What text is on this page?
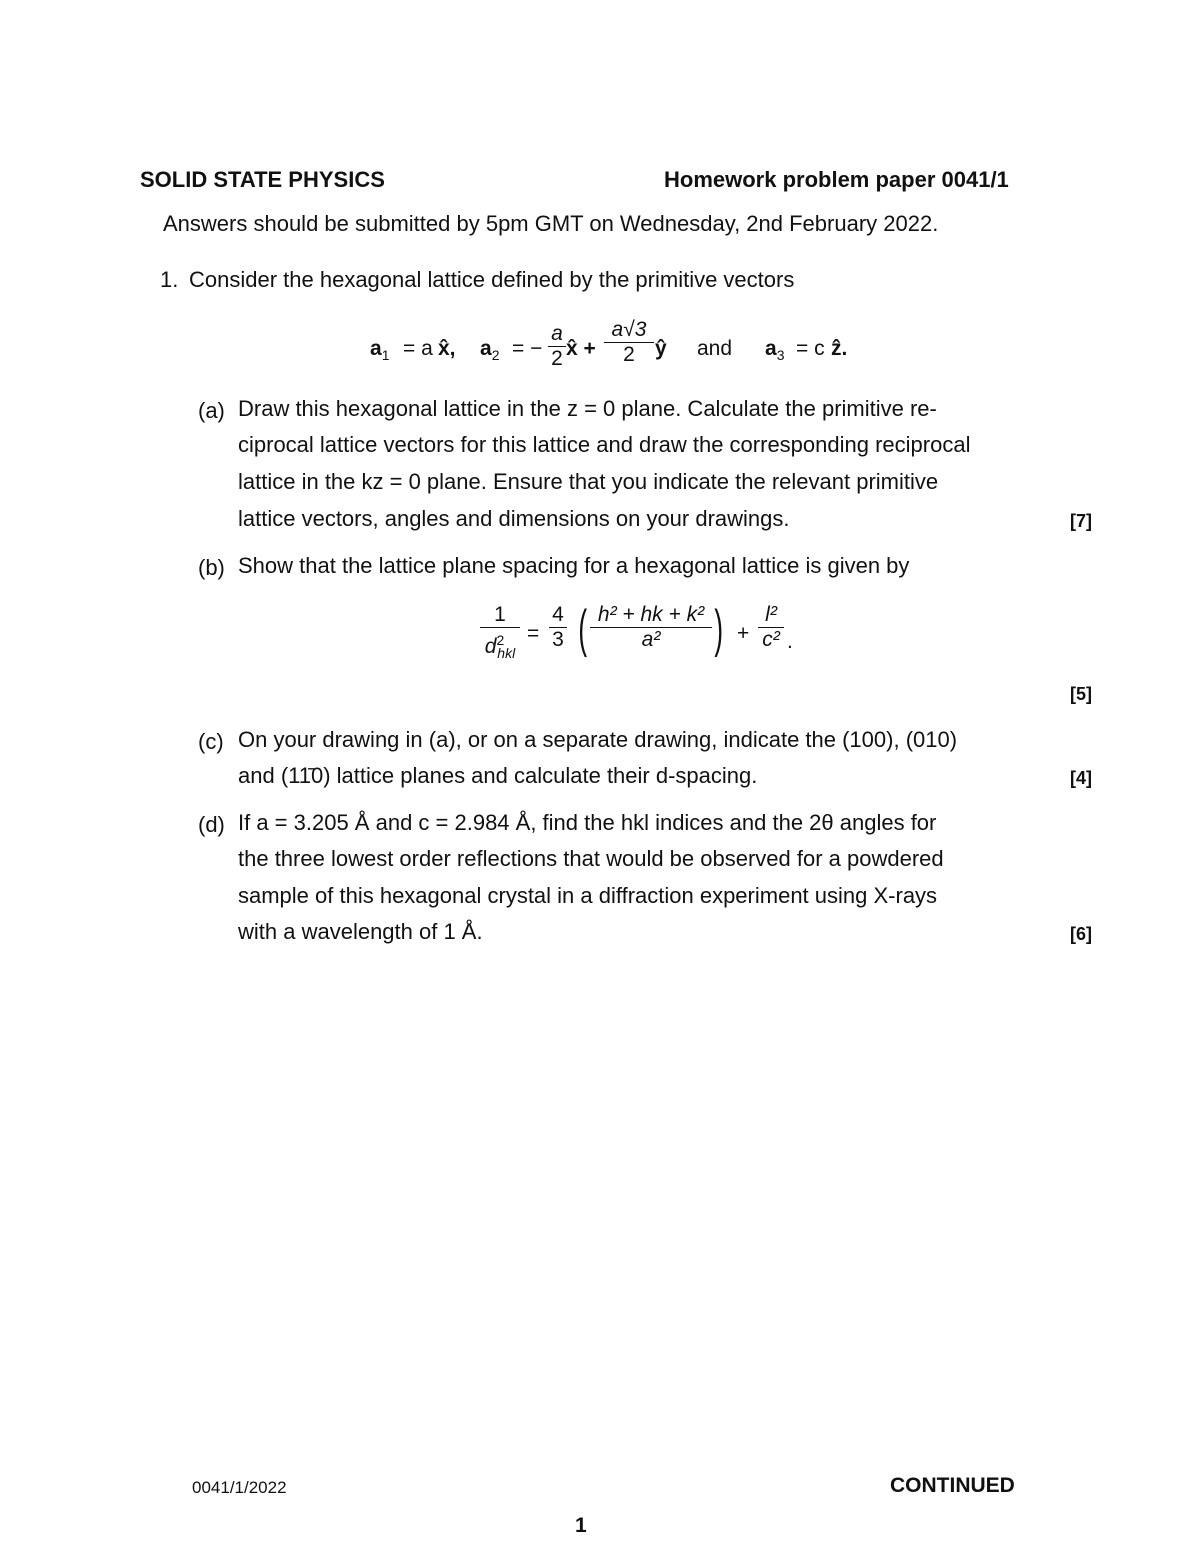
SOLID STATE PHYSICS	Homework problem paper 0041/1
Answers should be submitted by 5pm GMT on Wednesday, 2nd February 2022.
1. Consider the hexagonal lattice defined by the primitive vectors
$a_1 = a$ x̂, $a_2$ = −
a
2 x̂ +
a√3
2 ŷ and $a_3 = c$ ẑ.
(a) Draw this hexagonal lattice in the z = 0 plane. Calculate the primitive re-
ciprocal lattice vectors for this lattice and draw the corresponding reciprocal
lattice in the kz = 0 plane. Ensure that you indicate the relevant primitive
lattice vectors, angles and dimensions on your drawings.	[7]
(b) Show that the lattice plane spacing for a hexagonal lattice is given by
1
$d^2_{hkl}$
=
4
3 ( h² + hk + k²
a² ) +
l²
c² .
[5]
(c) On your drawing in (a), or on a separate drawing, indicate the (100), (010)
and (11̄0) lattice planes and calculate their d-spacing.	[4]
(d) If a = 3.205 Å and c = 2.984 Å, find the hkl indices and the 2θ angles for
the three lowest order reflections that would be observed for a powdered
sample of this hexagonal crystal in a diffraction experiment using X-rays
with a wavelength of 1 Å.	[6]
0041/1/2022	CONTINUED
1
